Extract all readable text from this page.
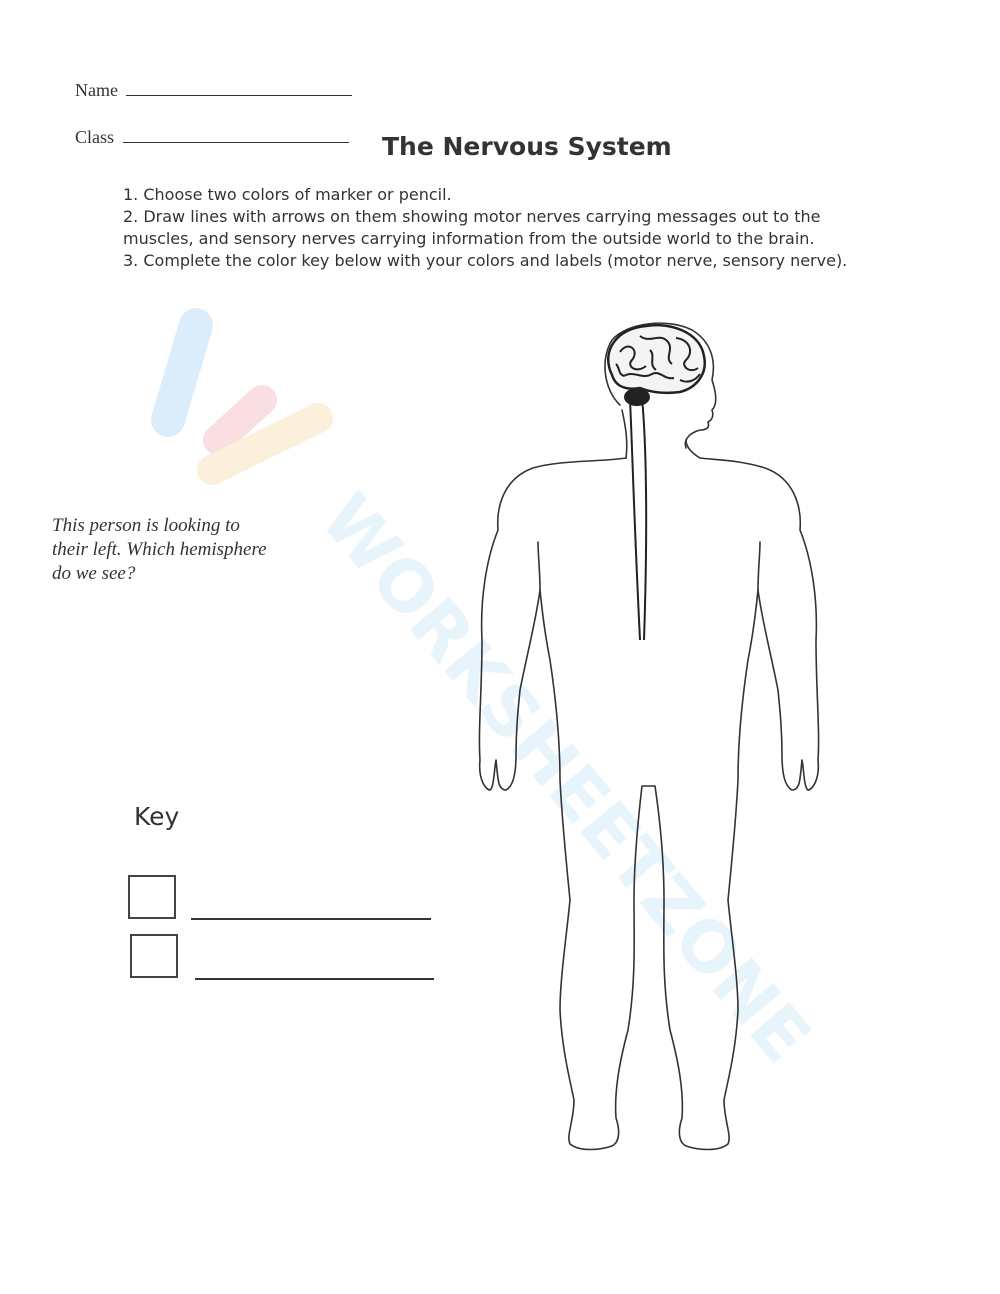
WORKSHEETZONE
Name
Class	The Nervous System
1. Choose two colors of marker or pencil.
2. Draw lines with arrows on them showing motor nerves carrying messages out to the
muscles, and sensory nerves carrying information from the outside world to the brain.
3. Complete the color key below with your colors and labels (motor nerve, sensory nerve).
This person is looking to
their left. Which hemisphere
do we see?
Key
